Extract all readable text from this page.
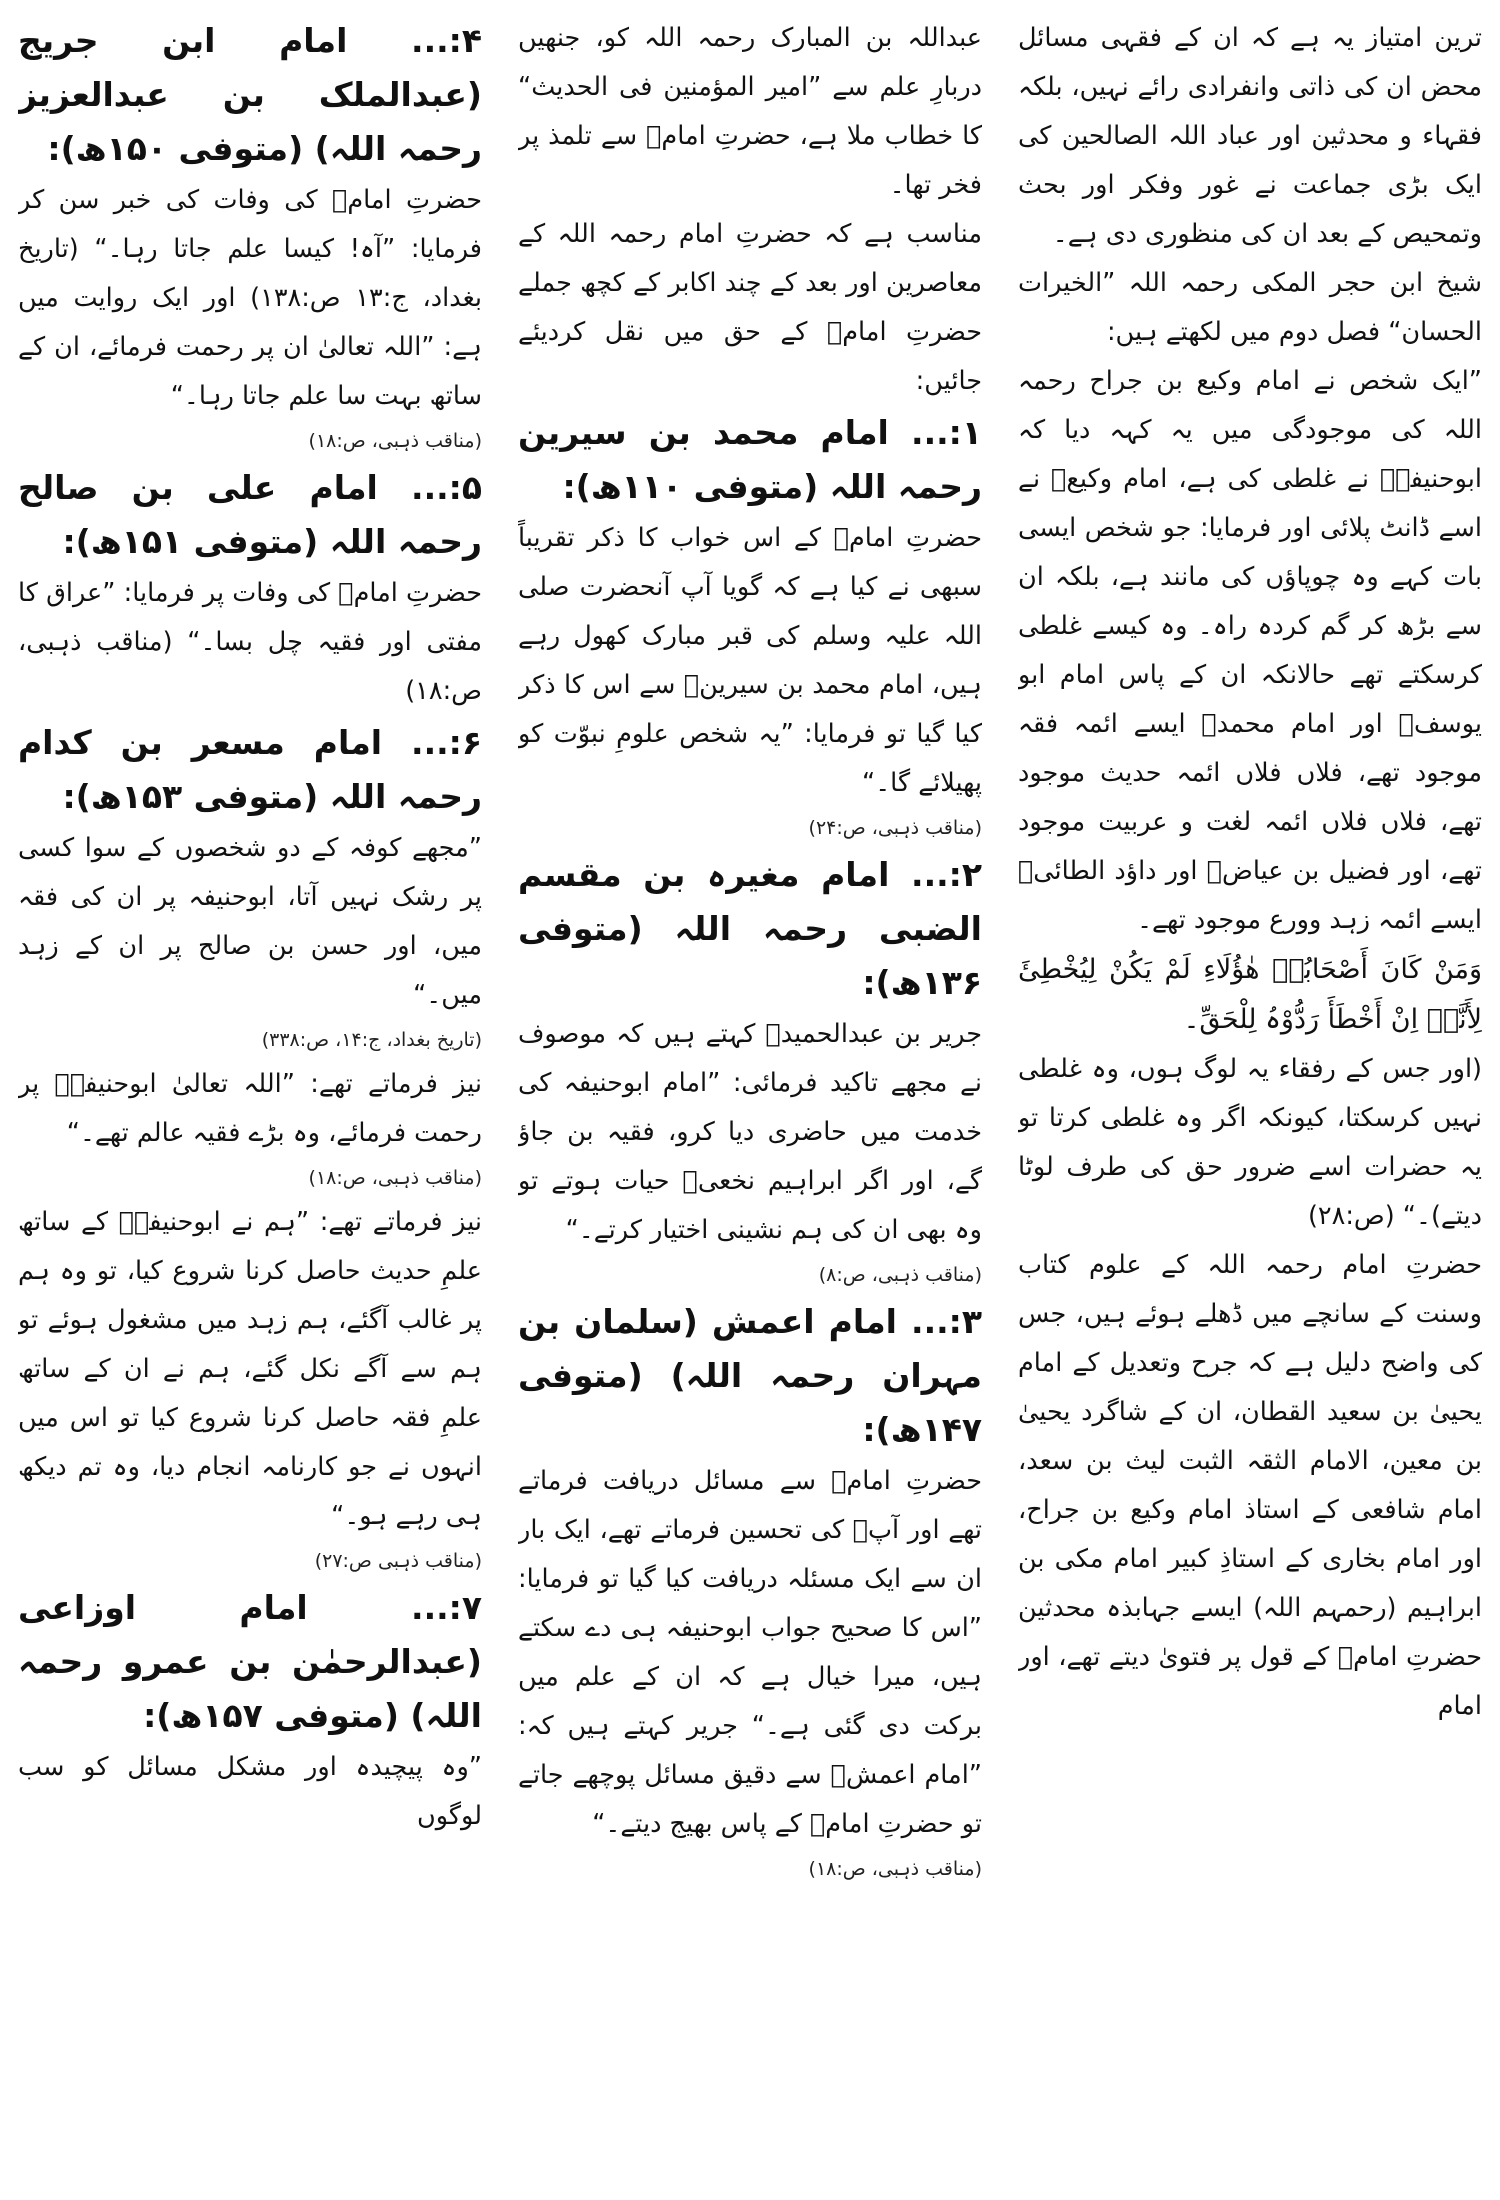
ترین امتیاز یہ ہے کہ ان کے فقہی مسائل محض ان کی ذاتی وانفرادی رائے نہیں، بلکہ فقہاء و محدثین اور عباد اللہ الصالحین کی ایک بڑی جماعت نے غور وفکر اور بحث وتمحیص کے بعد ان کی منظوری دی ہے۔

شیخ ابن حجر المکی رحمہ اللہ ”الخیرات الحسان“ فصل دوم میں لکھتے ہیں:

”ایک شخص نے امام وکیع بن جراح رحمہ اللہ کی موجودگی میں یہ کہہ دیا کہ ابوحنیفہؒ نے غلطی کی ہے، امام وکیعؒ نے اسے ڈانٹ پلائی اور فرمایا: جو شخص ایسی بات کہے وہ چوپاؤں کی مانند ہے، بلکہ ان سے بڑھ کر گم کردہ راہ۔ وہ کیسے غلطی کرسکتے تھے حالانکہ ان کے پاس امام ابو یوسفؒ اور امام محمدؒ ایسے ائمہ فقہ موجود تھے، فلاں فلاں ائمہ حدیث موجود تھے، فلاں فلاں ائمہ لغت و عربیت موجود تھے، اور فضیل بن عیاضؒ اور داؤد الطائیؒ ایسے ائمہ زہد وورع موجود تھے۔

وَمَنْ کَانَ أَصْحَابُہٗ ھٰؤُلَاءِ لَمْ یَکُنْ لِیُخْطِیَٔ لِأَنَّہٗ اِنْ أَخْطَأَ رَدُّوْہُ لِلْحَقِّ۔

(اور جس کے رفقاء یہ لوگ ہوں، وہ غلطی نہیں کرسکتا، کیونکہ اگر وہ غلطی کرتا تو یہ حضرات اسے ضرور حق کی طرف لوٹا دیتے)۔“ (ص:۲۸)

حضرتِ امام رحمہ اللہ کے علوم کتاب وسنت کے سانچے میں ڈھلے ہوئے ہیں، جس کی واضح دلیل ہے کہ جرح وتعدیل کے امام یحییٰ بن سعید القطان، ان کے شاگرد یحییٰ بن معین، الامام الثقہ الثبت لیث بن سعد، امام شافعی کے استاذ امام وکیع بن جراح، اور امام بخاری کے استاذِ کبیر امام مکی بن ابراہیم (رحمہم اللہ) ایسے جہابذہ محدثین حضرتِ امامؒ کے قول پر فتویٰ دیتے تھے، اور امام

عبداللہ بن المبارک رحمہ اللہ کو، جنھیں دربارِ علم سے ”امیر المؤمنین فی الحدیث“ کا خطاب ملا ہے، حضرتِ امامؒ سے تلمذ پر فخر تھا۔

مناسب ہے کہ حضرتِ امام رحمہ اللہ کے معاصرین اور بعد کے چند اکابر کے کچھ جملے حضرتِ امامؒ کے حق میں نقل کردیئے جائیں:

۱:... امام محمد بن سیرین رحمہ اللہ (متوفی ۱۱۰ھ):

حضرتِ امامؒ کے اس خواب کا ذکر تقریباً سبھی نے کیا ہے کہ گویا آپ آنحضرت صلی اللہ علیہ وسلم کی قبر مبارک کھول رہے ہیں، امام محمد بن سیرینؒ سے اس کا ذکر کیا گیا تو فرمایا: ”یہ شخص علومِ نبوّت کو پھیلائے گا۔“

(مناقب ذہبی، ص:۲۴)

۲:... امام مغیرہ بن مقسم الضبی رحمہ اللہ (متوفی ۱۳۶ھ):

جریر بن عبدالحمیدؒ کہتے ہیں کہ موصوف نے مجھے تاکید فرمائی: ”امام ابوحنیفہ کی خدمت میں حاضری دیا کرو، فقیہ بن جاؤ گے، اور اگر ابراہیم نخعیؒ حیات ہوتے تو وہ بھی ان کی ہم نشینی اختیار کرتے۔“

(مناقب ذہبی، ص:۸)

۳:... امام اعمش (سلمان بن مہران رحمہ اللہ) (متوفی ۱۴۷ھ):

حضرتِ امامؒ سے مسائل دریافت فرماتے تھے اور آپؒ کی تحسین فرماتے تھے، ایک بار ان سے ایک مسئلہ دریافت کیا گیا تو فرمایا: ”اس کا صحیح جواب ابوحنیفہ ہی دے سکتے ہیں، میرا خیال ہے کہ ان کے علم میں برکت دی گئی ہے۔“ جریر کہتے ہیں کہ: ”امام اعمشؒ سے دقیق مسائل پوچھے جاتے تو حضرتِ امامؒ کے پاس بھیج دیتے۔“

(مناقب ذہبی، ص:۱۸)

۴:... امام ابن جریج (عبدالملک بن عبدالعزیز رحمہ اللہ) (متوفی ۱۵۰ھ):

حضرتِ امامؒ کی وفات کی خبر سن کر فرمایا: ”آہ! کیسا علم جاتا رہا۔“ (تاریخ بغداد، ج:۱۳ ص:۱۳۸) اور ایک روایت میں ہے: ”اللہ تعالیٰ ان پر رحمت فرمائے، ان کے ساتھ بہت سا علم جاتا رہا۔“

(مناقب ذہبی، ص:۱۸)

۵:... امام علی بن صالح رحمہ اللہ (متوفی ۱۵۱ھ):

حضرتِ امامؒ کی وفات پر فرمایا: ”عراق کا مفتی اور فقیہ چل بسا۔“ (مناقب ذہبی، ص:۱۸)

۶:... امام مسعر بن کدام رحمہ اللہ (متوفی ۱۵۳ھ):

”مجھے کوفہ کے دو شخصوں کے سوا کسی پر رشک نہیں آتا، ابوحنیفہ پر ان کی فقہ میں، اور حسن بن صالح پر ان کے زہد میں۔“

(تاریخ بغداد، ج:۱۴، ص:۳۳۸)

نیز فرماتے تھے: ”اللہ تعالیٰ ابوحنیفہؒ پر رحمت فرمائے، وہ بڑے فقیہ عالم تھے۔“

(مناقب ذہبی، ص:۱۸)

نیز فرماتے تھے: ”ہم نے ابوحنیفہؒ کے ساتھ علمِ حدیث حاصل کرنا شروع کیا، تو وہ ہم پر غالب آگئے، ہم زہد میں مشغول ہوئے تو ہم سے آگے نکل گئے، ہم نے ان کے ساتھ علمِ فقہ حاصل کرنا شروع کیا تو اس میں انہوں نے جو کارنامہ انجام دیا، وہ تم دیکھ ہی رہے ہو۔“

(مناقب ذہبی ص:۲۷)

۷:... امام اوزاعی (عبدالرحمٰن بن عمرو رحمہ اللہ) (متوفی ۱۵۷ھ):

”وہ پیچیدہ اور مشکل مسائل کو سب لوگوں
